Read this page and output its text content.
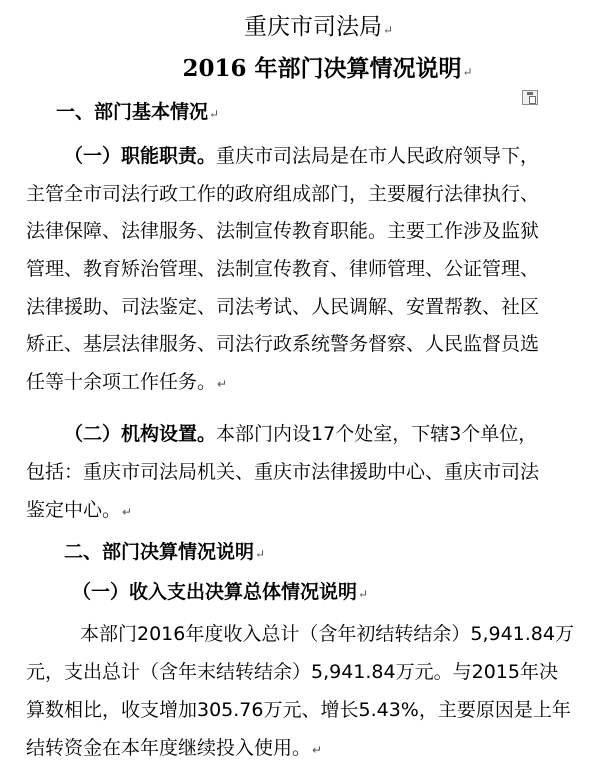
重庆市司法局↵
2016 年部门决算情况说明↵
一、部门基本情况↵
（一）职能职责。重庆市司法局是在市人民政府领导下，
主管全市司法行政工作的政府组成部门，主要履行法律执行、
法律保障、法律服务、法制宣传教育职能。主要工作涉及监狱
管理、教育矫治管理、法制宣传教育、律师管理、公证管理、
法律援助、司法鉴定、司法考试、人民调解、安置帮教、社区
矫正、基层法律服务、司法行政系统警务督察、人民监督员选
任等十余项工作任务。↵
（二）机构设置。本部门内设17个处室，下辖3个单位，
包括：重庆市司法局机关、重庆市法律援助中心、重庆市司法
鉴定中心。↵
二、部门决算情况说明↵
（一）收入支出决算总体情况说明↵
本部门2016年度收入总计（含年初结转结余）5,941.84万
元，支出总计（含年末结转结余）5,941.84万元。与2015年决
算数相比，收支增加305.76万元、增长5.43%，主要原因是上年
结转资金在本年度继续投入使用。↵
